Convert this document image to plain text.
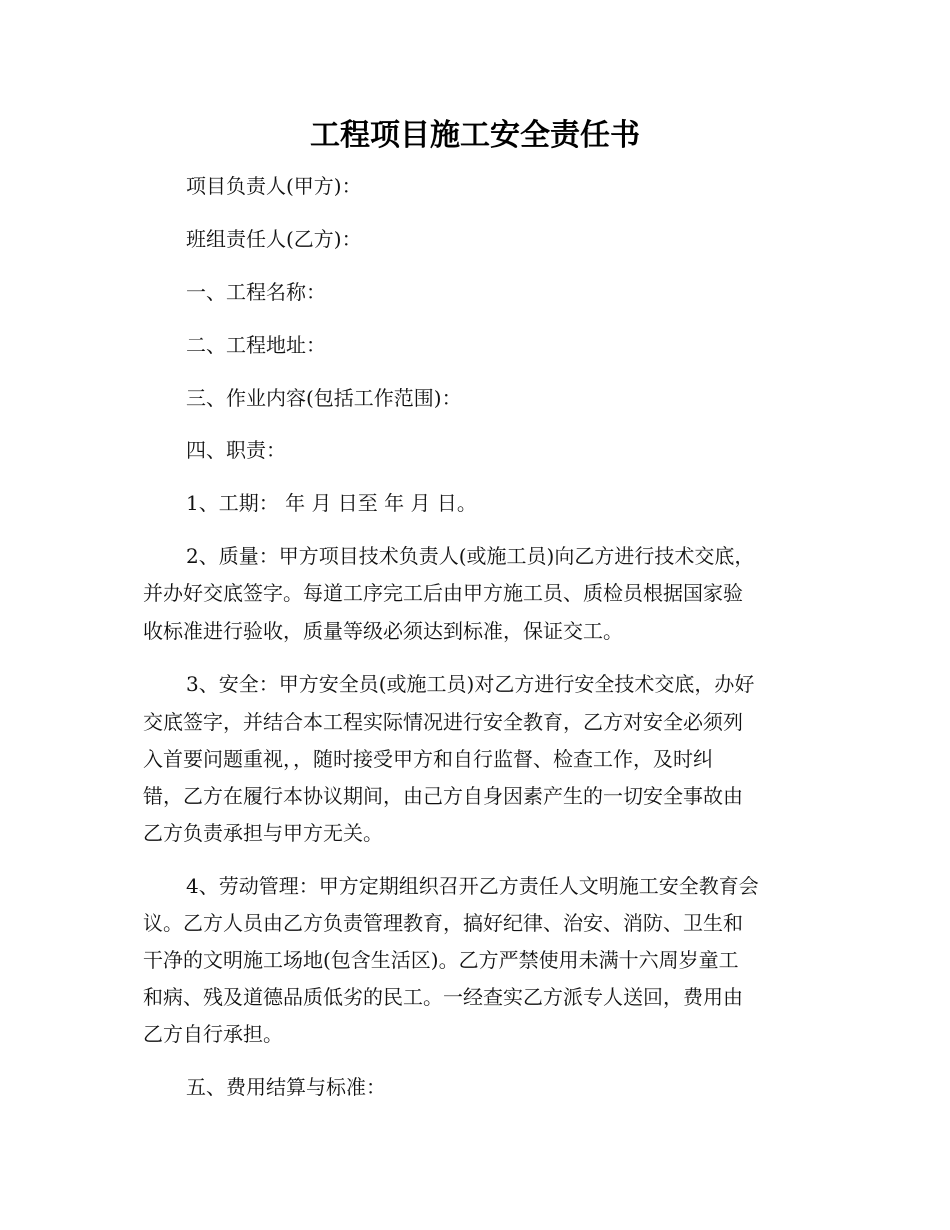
工程项目施工安全责任书
项目负责人(甲方)：
班组责任人(乙方)：
一、工程名称：
二、工程地址：
三、作业内容(包括工作范围)：
四、职责：
1、工期： 年 月 日至 年 月 日。
2、质量：甲方项目技术负责人(或施工员)向乙方进行技术交底，
并办好交底签字。每道工序完工后由甲方施工员、质检员根据国家验
收标准进行验收，质量等级必须达到标准，保证交工。
3、安全：甲方安全员(或施工员)对乙方进行安全技术交底，办好
交底签字，并结合本工程实际情况进行安全教育，乙方对安全必须列
入首要问题重视，，随时接受甲方和自行监督、检查工作，及时纠
错，乙方在履行本协议期间，由己方自身因素产生的一切安全事故由
乙方负责承担与甲方无关。
4、劳动管理：甲方定期组织召开乙方责任人文明施工安全教育会
议。乙方人员由乙方负责管理教育，搞好纪律、治安、消防、卫生和
干净的文明施工场地(包含生活区)。乙方严禁使用未满十六周岁童工
和病、残及道德品质低劣的民工。一经查实乙方派专人送回，费用由
乙方自行承担。
五、费用结算与标准：
